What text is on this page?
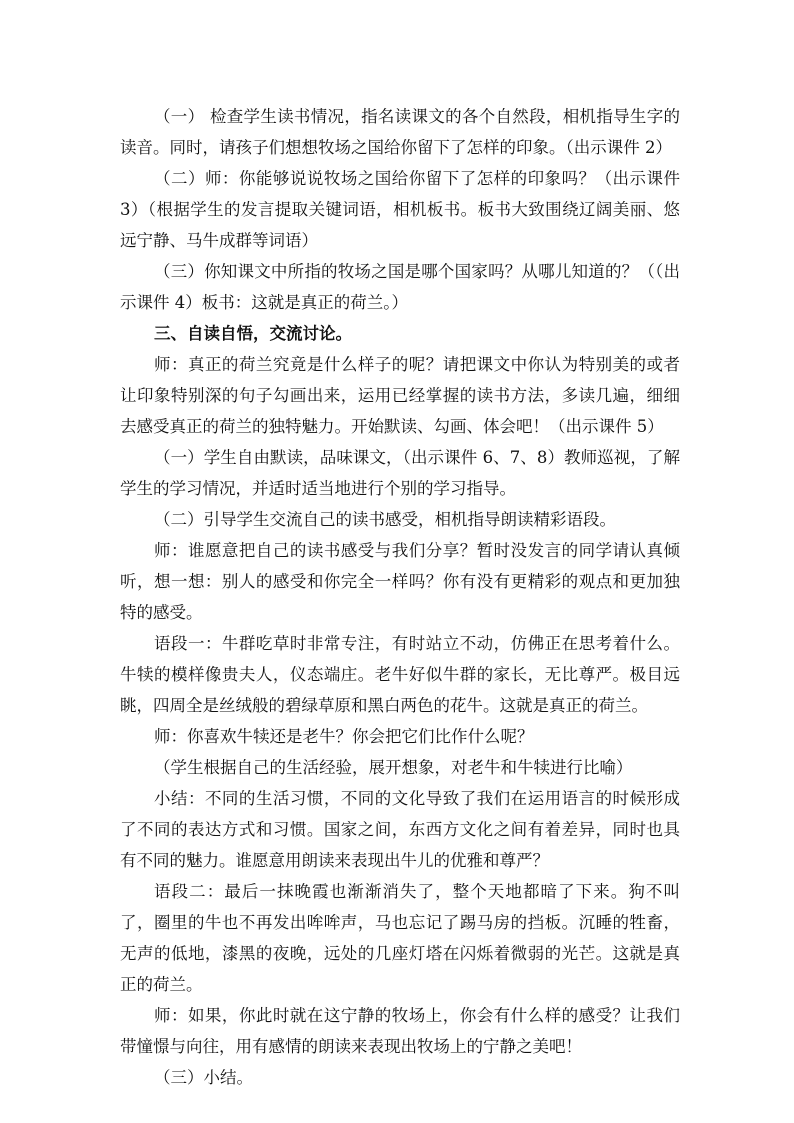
（一） 检查学生读书情况，指名读课文的各个自然段，相机指导生字的读音。同时，请孩子们想想牧场之国给你留下了怎样的印象。（出示课件 2）

（二）师：你能够说说牧场之国给你留下了怎样的印象吗？（出示课件 3）（根据学生的发言提取关键词语，相机板书。板书大致围绕辽阔美丽、悠远宁静、马牛成群等词语）

（三）你知课文中所指的牧场之国是哪个国家吗？从哪儿知道的？（（出示课件 4）板书：这就是真正的荷兰。）

三、自读自悟，交流讨论。

师：真正的荷兰究竟是什么样子的呢？请把课文中你认为特别美的或者让印象特别深的句子勾画出来，运用已经掌握的读书方法，多读几遍，细细去感受真正的荷兰的独特魅力。开始默读、勾画、体会吧！（出示课件 5）

（一）学生自由默读，品味课文，（出示课件 6、7、8）教师巡视，了解学生的学习情况，并适时适当地进行个别的学习指导。

（二）引导学生交流自己的读书感受，相机指导朗读精彩语段。

师：谁愿意把自己的读书感受与我们分享？暂时没发言的同学请认真倾听，想一想：别人的感受和你完全一样吗？你有没有更精彩的观点和更加独特的感受。

语段一：牛群吃草时非常专注，有时站立不动，仿佛正在思考着什么。牛犊的模样像贵夫人，仪态端庄。老牛好似牛群的家长，无比尊严。极目远眺，四周全是丝绒般的碧绿草原和黑白两色的花牛。这就是真正的荷兰。

师：你喜欢牛犊还是老牛？你会把它们比作什么呢？

（学生根据自己的生活经验，展开想象，对老牛和牛犊进行比喻）

小结：不同的生活习惯，不同的文化导致了我们在运用语言的时候形成了不同的表达方式和习惯。国家之间，东西方文化之间有着差异，同时也具有不同的魅力。谁愿意用朗读来表现出牛儿的优雅和尊严？

语段二：最后一抹晚霞也渐渐消失了，整个天地都暗了下来。狗不叫了，圈里的牛也不再发出哞哞声，马也忘记了踢马房的挡板。沉睡的牲畜，无声的低地，漆黑的夜晚，远处的几座灯塔在闪烁着微弱的光芒。这就是真正的荷兰。

师：如果，你此时就在这宁静的牧场上，你会有什么样的感受？让我们带憧憬与向往，用有感情的朗读来表现出牧场上的宁静之美吧！

（三）小结。
